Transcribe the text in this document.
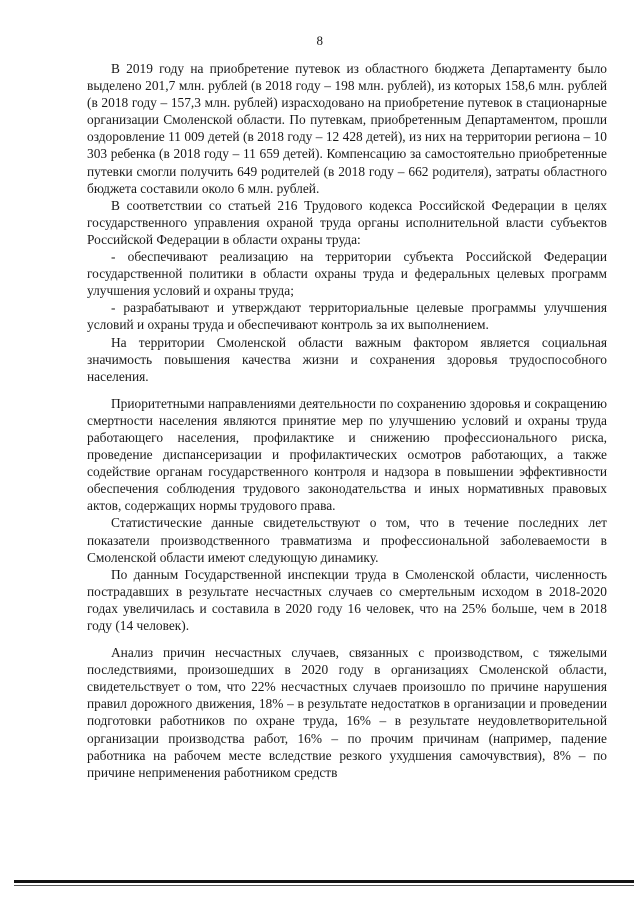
8

В 2019 году на приобретение путевок из областного бюджета Департаменту было выделено 201,7 млн. рублей (в 2018 году – 198 млн. рублей), из которых 158,6 млн. рублей (в 2018 году – 157,3 млн. рублей) израсходовано на приобретение путевок в стационарные организации Смоленской области. По путевкам, приобретенным Департаментом, прошли оздоровление 11 009 детей (в 2018 году – 12 428 детей), из них на территории региона – 10 303 ребенка (в 2018 году – 11 659 детей). Компенсацию за самостоятельно приобретенные путевки смогли получить 649 родителей (в 2018 году – 662 родителя), затраты областного бюджета составили около 6 млн. рублей.

В соответствии со статьей 216 Трудового кодекса Российской Федерации в целях государственного управления охраной труда органы исполнительной власти субъектов Российской Федерации в области охраны труда:

- обеспечивают реализацию на территории субъекта Российской Федерации государственной политики в области охраны труда и федеральных целевых программ улучшения условий и охраны труда;

- разрабатывают и утверждают территориальные целевые программы улучшения условий и охраны труда и обеспечивают контроль за их выполнением.

На территории Смоленской области важным фактором является социальная значимость повышения качества жизни и сохранения здоровья трудоспособного населения.

Приоритетными направлениями деятельности по сохранению здоровья и сокращению смертности населения являются принятие мер по улучшению условий и охраны труда работающего населения, профилактике и снижению профессионального риска, проведение диспансеризации и профилактических осмотров работающих, а также содействие органам государственного контроля и надзора в повышении эффективности обеспечения соблюдения трудового законодательства и иных нормативных правовых актов, содержащих нормы трудового права.

Статистические данные свидетельствуют о том, что в течение последних лет показатели производственного травматизма и профессиональной заболеваемости в Смоленской области имеют следующую динамику.

По данным Государственной инспекции труда в Смоленской области, численность пострадавших в результате несчастных случаев со смертельным исходом в 2018-2020 годах увеличилась и составила в 2020 году 16 человек, что на 25% больше, чем в 2018 году (14 человек).

Анализ причин несчастных случаев, связанных с производством, с тяжелыми последствиями, произошедших в 2020 году в организациях Смоленской области, свидетельствует о том, что 22% несчастных случаев произошло по причине нарушения правил дорожного движения, 18% – в результате недостатков в организации и проведении подготовки работников по охране труда, 16% – в результате неудовлетворительной организации производства работ, 16% – по прочим причинам (например, падение работника на рабочем месте вследствие резкого ухудшения самочувствия), 8% – по причине неприменения работником средств
